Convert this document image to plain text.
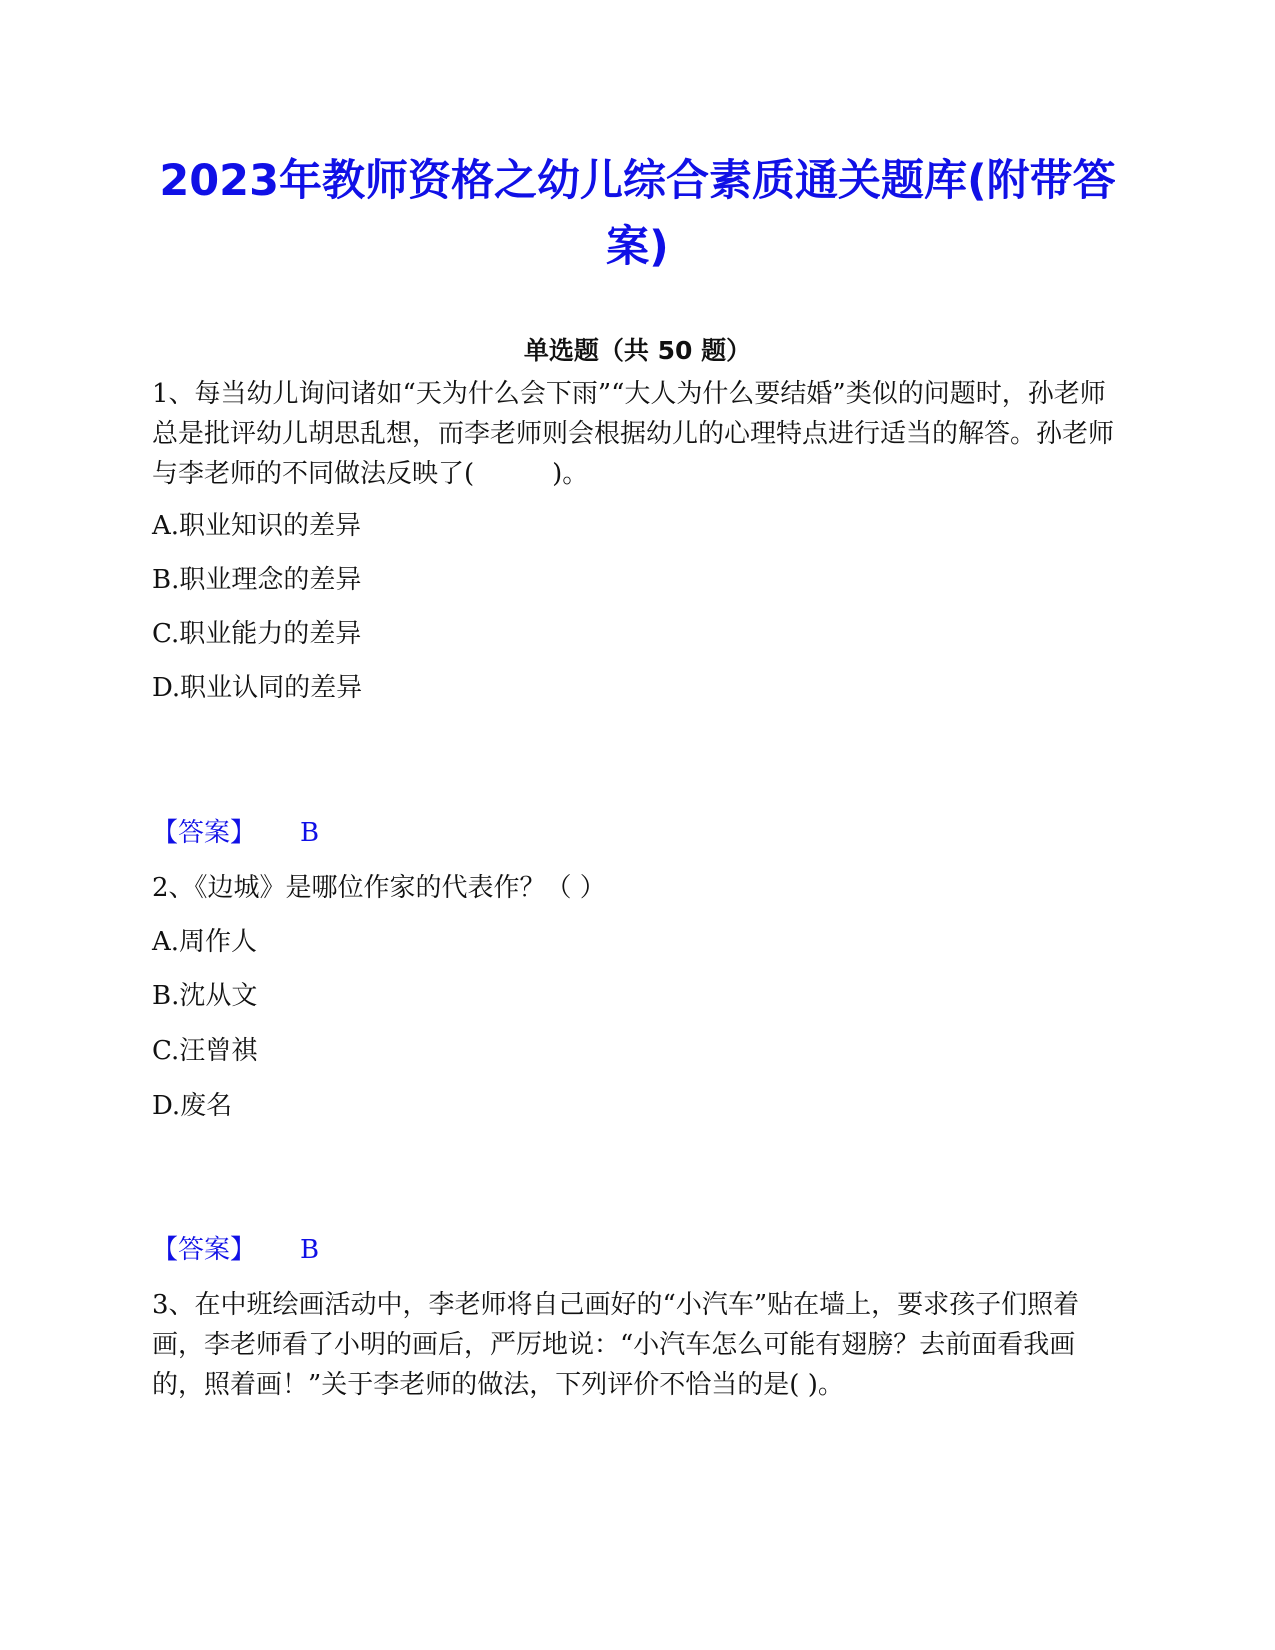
2023年教师资格之幼儿综合素质通关题库(附带答案)
单选题（共 50 题）

1、每当幼儿询问诸如“天为什么会下雨”“大人为什么要结婚”类似的问题时，孙老师总是批评幼儿胡思乱想，而李老师则会根据幼儿的心理特点进行适当的解答。孙老师与李老师的不同做法反映了(　　　)。

A.职业知识的差异

B.职业理念的差异

C.职业能力的差异

D.职业认同的差异

【答案】 B

2、《边城》是哪位作家的代表作？（ ）

A.周作人

B.沈从文

C.汪曾祺

D.废名

【答案】 B

3、在中班绘画活动中，李老师将自己画好的“小汽车”贴在墙上，要求孩子们照着画，李老师看了小明的画后，严厉地说：“小汽车怎么可能有翅膀？去前面看我画的，照着画！”关于李老师的做法，下列评价不恰当的是( )。
